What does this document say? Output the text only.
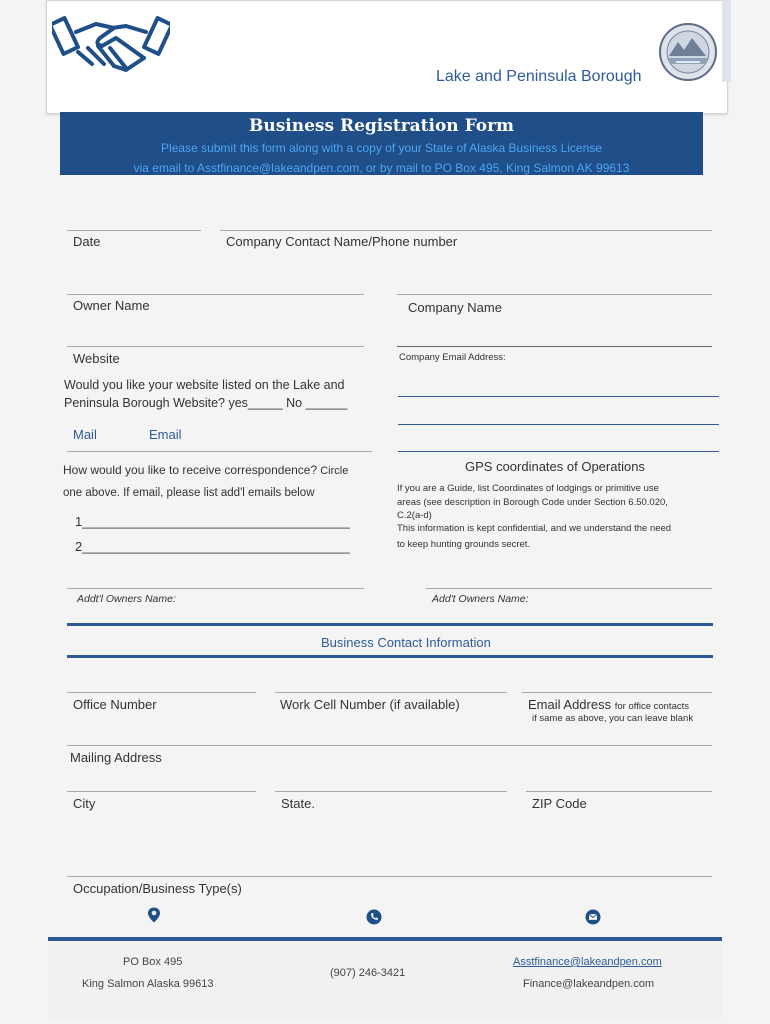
Lake and Peninsula Borough
Business Registration Form
Please submit this form along with a copy of your State of Alaska Business License
via email to Asstfinance@lakeandpen.com, or by mail to PO Box 495, King Salmon AK 99613
Date	Company Contact Name/Phone number
Owner Name	Company Name
Website	Company Email Address:
Would you like your website listed on the Lake and
Peninsula Borough Website? yes_____ No ______
Mail	Email
How would you like to receive correspondence? Circle
one above. If email, please list add'l emails below
1_____________________________________
2_____________________________________
GPS coordinates of Operations
If you are a Guide, list Coordinates of lodgings or primitive use
areas (see description in Borough Code under Section 6.50.020,
C.2(a-d)
This information is kept confidential, and we understand the need
to keep hunting grounds secret.
Addt'l Owners Name:	Add't Owners Name:
Business Contact Information
Office Number	Work Cell Number (if available)	Email Address for office contacts
if same as above, you can leave blank
Mailing Address
City	State.	ZIP Code
Occupation/Business Type(s)
PO Box 495
King Salmon Alaska 99613
(907) 246-3421
Asstfinance@lakeandpen.com
Finance@lakeandpen.com
